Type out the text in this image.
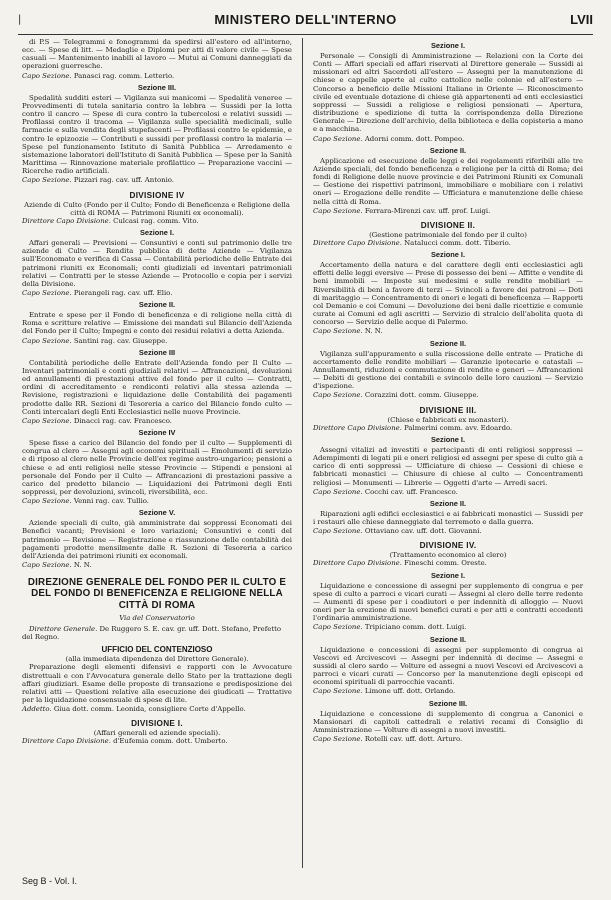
|	MINISTERO DELL'INTERNO	LVII

di P.S — Telegrammi e fonogrammi da spedirsi all'estero ed all'interno, ecc. — Spese di litt. — Medaglie e Diplomi per atti di valore civile — Spese casuali — Mantenimento inabili al lavoro — Mutui ai Comuni danneggiati da operazioni guerresche.

Capo Sezione. Panasci rag. comm. Letterio.

Sezione III.

Spedalità sudditi esteri — Vigilanza sui manicomi — Spedalità veneree — Provvedimenti di tutela sanitaria contro la lebbra — Sussidi per la lotta contro il cancro — Spese di cura contro la tubercolosi e relativi sussidi — Profilassi contro il tracoma — Vigilanza sulle specialità medicinali, sulle farmacie e sulla vendita degli stupefacenti — Profilassi contro le epidemie, e contro le epizoozie — Contributi e sussidi per profilassi contro la malaria — Spese pel funzionamento Istituto di Sanità Pubblica — Arredamento e sistemazione laboratori dell'Istituto di Sanità Pubblica — Spese per la Sanità Marittima — Rinnovazione materiale profilattico — Preparazione vaccini — Ricerche radio artificiali.

Capo Sezione. Pizzari rag. cav. uff. Antonio.

DIVISIONE IV
Aziende di Culto (Fondo per il Culto; Fondo di Beneficenza e Religione della città di ROMA — Patrimoni Riuniti ex economali).

Direttore Capo Divisione. Culcasi rag. comm. Vito.

Sezione I.

Affari generali — Previsioni — Consuntivi e conti sul patrimonio delle tre aziende di Culto — Rendita pubblica di dette Aziende — Vigilanza sull'Economato e verifica di Cassa — Contabilità periodiche delle Entrate dei patrimoni riuniti ex Economali; conti giudiziali ed inventari patrimoniali relativi — Contratti per le stesse Aziende — Protocollo e copia per i servizi della Divisione.

Capo Sezione. Pierangeli rag. cav. uff. Elio.

Sezione II.

Entrate e spese per il Fondo di beneficenza e di religione nella città di Roma e scritture relative — Emissione dei mandati sul Bilancio dell'Azienda del Fondo per il Culto; Impegni e conto dei residui relativi a detta Azienda.

Capo Sezione. Santini rag. cav. Giuseppe.

Sezione III

Contabilità periodiche delle Entrate dell'Azienda fondo per Il Culto — Inventari patrimoniali e conti giudiziali relativi — Affrancazioni, devoluzioni ed annullamenti di prestazioni attive del fondo per il culto — Contratti, ordini di accreditamento e rendiconti relativi alla stessa azienda — Revisione, registrazioni e liquidazione delle Contabilità dei pagamenti prodotte dalle RR. Sezioni di Tesoreria a carico del Bilancio fondo culto — Conti intercalari degli Enti Ecclesiastici nelle nuove Provincie.

Capo Sezione. Dinacci rag. cav. Francesco.

Sezione IV

Spese fisse a carico del Bilancio del fondo per il culto — Supplementi di congrua al clero — Assegni agli economi spirituali — Emolumenti di servizio e di riposo al clero nelle Provincie dell'ex regime austro-ungarico; pensioni a chiese e ad enti religiosi nelle stesse Provincie — Stipendi e pensioni al personale del Fondo per il Culto — Affrancazioni di prestazioni passive a carico del predetto bilancio — Liquidazioni dei Patrimoni degli Enti soppressi, per devoluzioni, svincoli, riversibilità, ecc.

Capo Sezione. Venni rag. cav. Tullio.

Sezione V.

Aziende speciali di culto, già amministrate dai soppressi Economati dei Benefici vacanti; Previsioni e loro variazioni; Consuntivi e conti del patrimonio — Revisione — Registrazione e riassunzione delle contabilità dei pagamenti prodotte mensilmente dalle R. Sezioni di Tesoreria a carico dell'Azienda dei patrimoni riuniti ex economali.

Capo Sezione. N. N.

DIREZIONE GENERALE DEL FONDO PER IL CULTO E DEL FONDO DI BENEFICENZA E RELIGIONE NELLA CITTÀ DI ROMA
Via del Conservatorio

Direttore Generale. De Ruggero S. E. cav. gr. uff. Dott. Stefano, Prefetto del Regno.

UFFICIO DEL CONTENZIOSO
(alla immediata dipendenza del Direttore Generale).

Preparazione degli elementi difensivi e rapporti con le Avvocature distrettuali e con l'Avvocatura generale dello Stato per la trattazione degli affari giudiziari. Esame delle proposte di transazione e predisposizione dei relativi atti — Questioni relative alla esecuzione dei giudicati — Trattative per la liquidazione consensuale di spese di lite.

Addetto. Giua dott. comm. Leonida, consigliere Corte d'Appello.

DIVISIONE I.
(Affari generali ed aziende speciali).

Direttore Capo Divisione. d'Eufemia comm. dott. Umberto.

Sezione I.

Personale — Consigli di Amministrazione — Relazioni con la Corte dei Conti — Affari speciali ed affari riservati al Direttore generale — Sussidi ai missionari ed altri Sacerdoti all'estero — Assegni per la manutenzione di chiese e cappelle aperte al culto cattolico nelle colonie ed all'estero — Concorso a beneficio delle Missioni Italiane in Oriente — Riconoscimento civile ed eventuale dotazione di chiese già appartenenti ad enti ecclesiastici soppressi — Sussidi a religiose e religiosi pensionati — Apertura, distribuzione e spedizione di tutta la corrispondenza della Direzione Generale — Direzione dell'archivio, della biblioteca e della copisteria a mano e a macchina.

Capo Sezione. Adorni comm. dott. Pompeo.

Sezione II.

Applicazione ed esecuzione delle leggi e dei regolamenti riferibili alle tre Aziende speciali, del fondo beneficenza e religione per la città di Roma; dei fondi di Religione delle nuove provincie e dei Patrimoni Riuniti ex Comunali — Gestione dei rispettivi patrimoni, immobiliare e mobiliare con i relativi oneri — Erogazione delle rendite — Ufficiatura e manutenzione delle chiese nella città di Roma.

Capo Sezione. Ferrara-Mirenzi cav. uff. prof. Luigi.

DIVISIONE II.
(Gestione patrimoniale del fondo per il culto)

Direttore Capo Divisione. Natalucci comm. dott. Tiberio.

Sezione I.

Accertamento della natura e del carattere degli enti ecclesiastici agli effetti delle leggi eversive — Prese di possesso dei beni — Affitte e vendite di beni immobili — Imposte sui medesimi e sulle rendite mobiliari — Riversibilità di beni a favore di terzi — Svincoli a favore dei patroni — Doti di maritaggio — Concentramento di oneri e legati di beneficenza — Rapporti col Demanio e coi Comuni — Devoluzione dei beni dalle ricettizie e comunie curate ai Comuni ed agli ascritti — Servizio di stralcio dell'abolita quota di concorso — Servizio delle acque di Palermo.

Capo Sezione. N. N.

Sezione II.

Vigilanza sull'appuramento e sulla riscossione delle entrate — Pratiche di accertamento delle rendite mobiliari — Garanzie ipotecarie e catastali — Annullamenti, riduzioni e commutazione di rendite e generi — Affrancazioni — Debiti di gestione dei contabili e svincolo delle loro cauzioni — Servizio d'ispezione.

Capo Sezione. Corazzini dott. comm. Giuseppe.

DIVISIONE III.
(Chiese e fabbricati ex monasteri).

Direttore Capo Divisione. Palmerini comm. avv. Edoardo.

Sezione I.

Assegni vitalizi ad investiti e partecipanti di enti religiosi soppressi — Adempimenti di legati pii e oneri religiosi ed assegni per spese di culto già a carico di enti soppressi — Ufficiature di chiese — Cessioni di chiese e fabbricati monastici — Chiusure di chiese al culto — Concentramenti religiosi — Monumenti — Librerie — Oggetti d'arte — Arredi sacri.

Capo Sezione. Cocchi cav. uff. Francesco.

Sezione II.

Riparazioni agli edifici ecclesiastici e ai fabbricati monastici — Sussidi per i restauri alle chiese danneggiate dal terremoto e dalla guerra.

Capo Sezione. Ottaviano cav. uff. dott. Giovanni.

DIVISIONE IV.
(Trattamento economico al clero)

Direttore Capo Divisione. Fineschi comm. Oreste.

Sezione I.

Liquidazione e concessione di assegni per supplemento di congrua e per spese di culto a parroci e vicari curati — Assegni al clero delle terre redente — Aumenti di spese per i coadiutori e per indennità di alloggio — Nuovi oneri per la erezione di nuovi benefici curati e per atti e contratti eccedenti l'ordinaria amministrazione.

Capo Sezione. Tripiciano comm. dott. Luigi.

Sezione II.

Liquidazione e concessioni di assegni per supplemento di congrua ai Vescovi ed Arcivescovi — Assegni per indennità di decime — Assegni e sussidi al clero sardo — Volture ed assegni a nuovi Vescovi ed Arcivescovi a parroci e vicari curati — Concorso per la manutenzione degli episcopi ed economi spirituali di parrocchie vacanti.

Capo Sezione. Limone uff. dott. Orlando.

Sezione III.

Liquidazione e concessione di supplemento di congrua a Canonici e Mansionari di capitoli cattedrali e relativi recami di Consiglio di Amministrazione — Volture di assegni a nuovi investiti.

Capo Sezione. Rotelli cav. uff. dott. Arturo.

Seg B - Vol. I.
